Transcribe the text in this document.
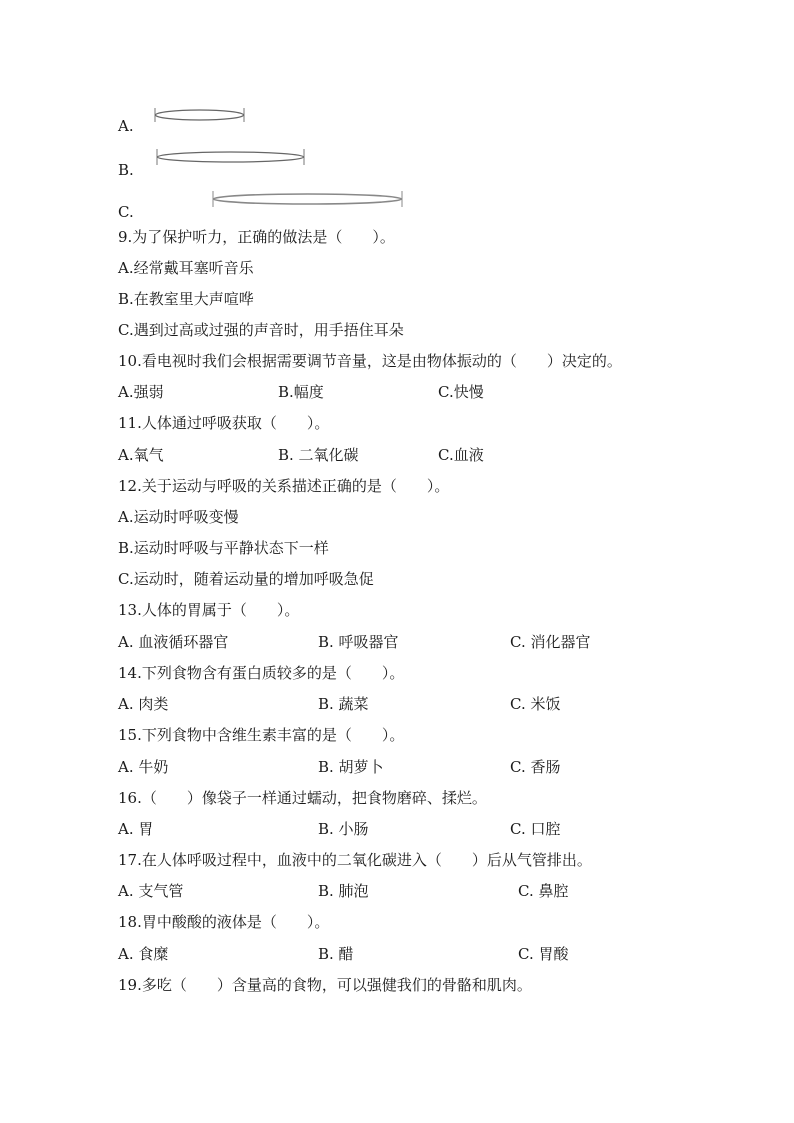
A.
B.
C.
9.为了保护听力，正确的做法是（　　）。
A.经常戴耳塞听音乐
B.在教室里大声喧哗
C.遇到过高或过强的声音时，用手捂住耳朵
10.看电视时我们会根据需要调节音量，这是由物体振动的（　　）决定的。
A.强弱	B.幅度	C.快慢
11.人体通过呼吸获取（　　）。
A.氧气	B. 二氧化碳	C.血液
12.关于运动与呼吸的关系描述正确的是（　　）。
A.运动时呼吸变慢
B.运动时呼吸与平静状态下一样
C.运动时，随着运动量的增加呼吸急促
13.人体的胃属于（　　）。
A. 血液循环器官	B. 呼吸器官	C. 消化器官
14.下列食物含有蛋白质较多的是（　　）。
A. 肉类	B. 蔬菜	C. 米饭
15.下列食物中含维生素丰富的是（　　）。
A. 牛奶	B. 胡萝卜	C. 香肠
16.（　　）像袋子一样通过蠕动，把食物磨碎、揉烂。
A. 胃	B. 小肠	C. 口腔
17.在人体呼吸过程中，血液中的二氧化碳进入（　　）后从气管排出。
A. 支气管	B. 肺泡	C. 鼻腔
18.胃中酸酸的液体是（　　）。
A. 食糜	B. 醋	C. 胃酸
19.多吃（　　）含量高的食物，可以强健我们的骨骼和肌肉。
